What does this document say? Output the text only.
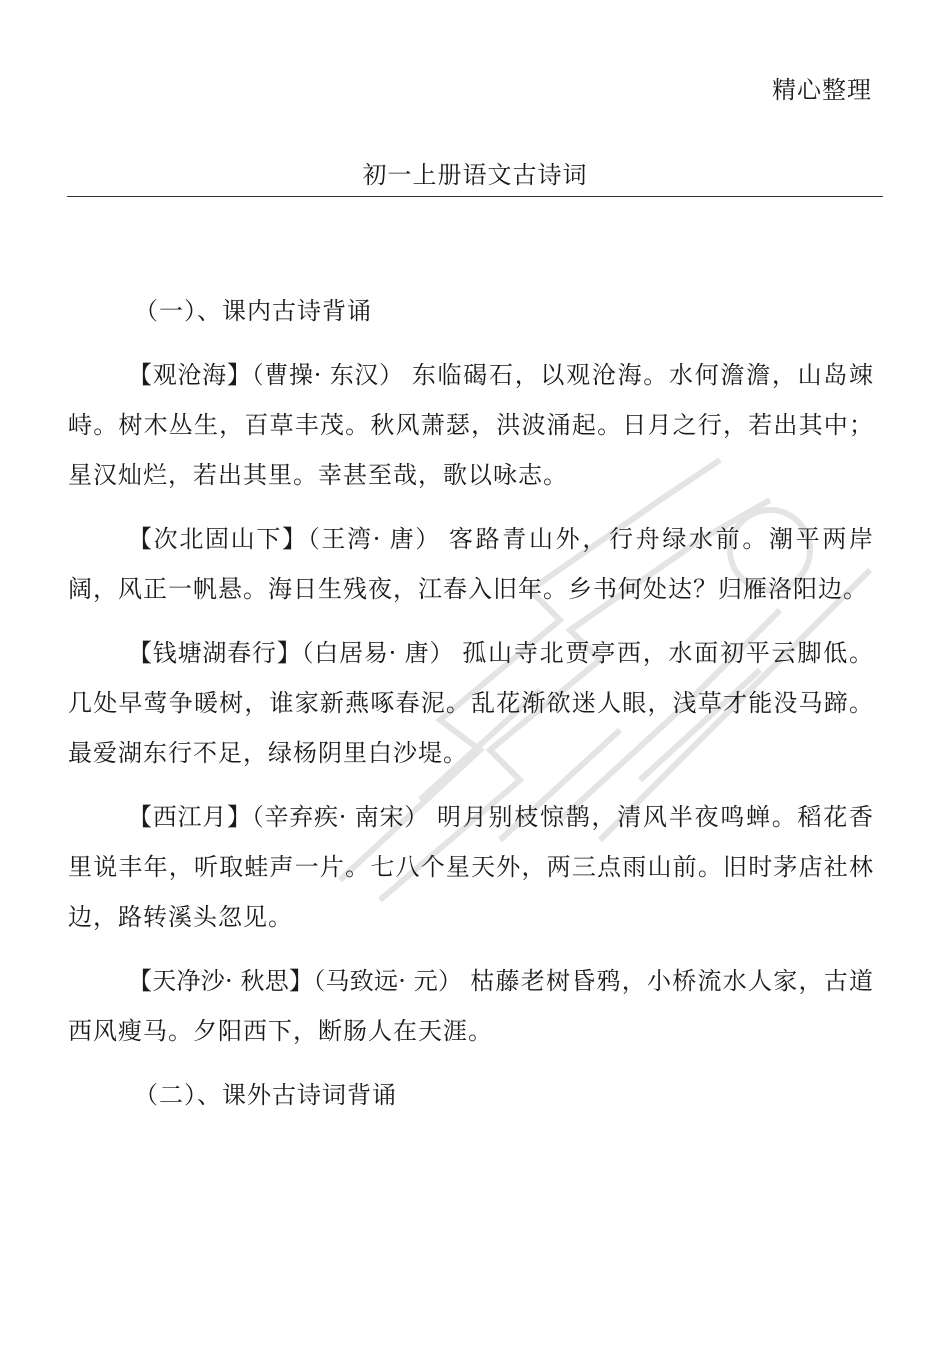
精心整理
初一上册语文古诗词
（一）、课内古诗背诵

【观沧海】（曹操· 东汉） 东临碣石，以观沧海。水何澹澹，山岛竦峙。树木丛生，百草丰茂。秋风萧瑟，洪波涌起。日月之行，若出其中；星汉灿烂，若出其里。幸甚至哉，歌以咏志。

【次北固山下】（王湾· 唐） 客路青山外，行舟绿水前。潮平两岸阔，风正一帆悬。海日生残夜，江春入旧年。乡书何处达？归雁洛阳边。

【钱塘湖春行】（白居易· 唐） 孤山寺北贾亭西，水面初平云脚低。几处早莺争暖树，谁家新燕啄春泥。乱花渐欲迷人眼，浅草才能没马蹄。最爱湖东行不足，绿杨阴里白沙堤。

【西江月】（辛弃疾· 南宋） 明月别枝惊鹊，清风半夜鸣蝉。稻花香里说丰年，听取蛙声一片。七八个星天外，两三点雨山前。旧时茅店社林边，路转溪头忽见。

【天净沙· 秋思】（马致远· 元） 枯藤老树昏鸦，小桥流水人家，古道西风瘦马。夕阳西下，断肠人在天涯。

（二）、课外古诗词背诵
